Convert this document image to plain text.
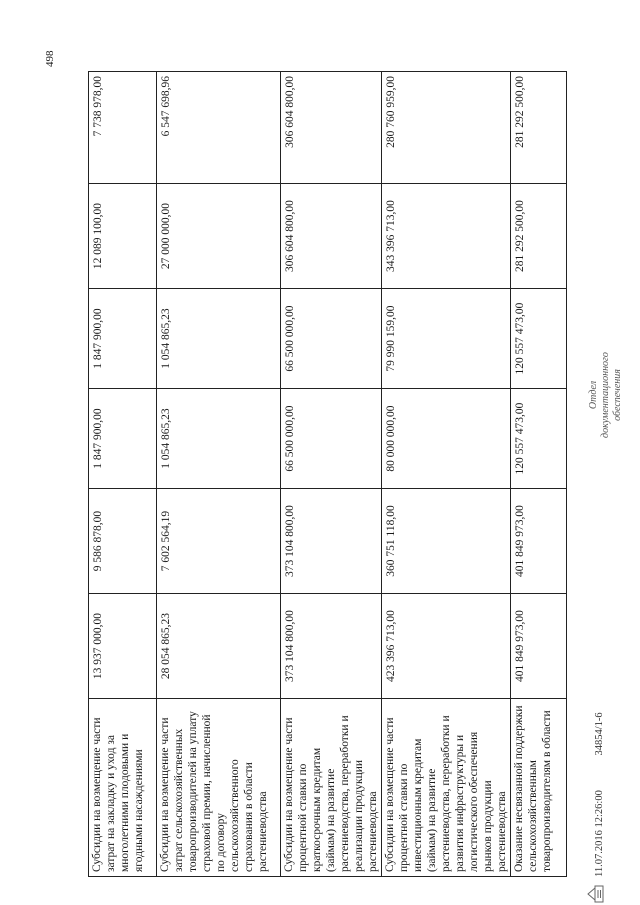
498
Субсидии на возмещение части затрат на закладку и уход за многолетними плодовыми и ягодными насаждениями	13 937 000,00	9 586 878,00	1 847 900,00	1 847 900,00	12 089 100,00	7 738 978,00
Субсидии на возмещение части затрат сельскохозяйственных товаропроизводителей на уплату страховой премии, начисленной по договору сельскохозяйственного страхования в области растениеводства	28 054 865,23	7 602 564,19	1 054 865,23	1 054 865,23	27 000 000,00	6 547 698,96
Субсидии на возмещение части процентной ставки по краткосрочным кредитам (займам) на развитие растениеводства, переработки и реализации продукции растениеводства	373 104 800,00	373 104 800,00	66 500 000,00	66 500 000,00	306 604 800,00	306 604 800,00
Субсидии на возмещение части процентной ставки по инвестиционным кредитам (займам) на развитие растениеводства, переработки и развития инфраструктуры и логистического обеспечения рынков продукции растениеводства	423 396 713,00	360 751 118,00	80 000 000,00	79 990 159,00	343 396 713,00	280 760 959,00
Оказание несвязанной поддержки сельскохозяйственным товаропроизводителям в области	401 849 973,00	401 849 973,00	120 557 473,00	120 557 473,00	281 292 500,00	281 292 500,00
11.07.2016 12:26:00 34854/1-6
Отдел документационного обеспечения
